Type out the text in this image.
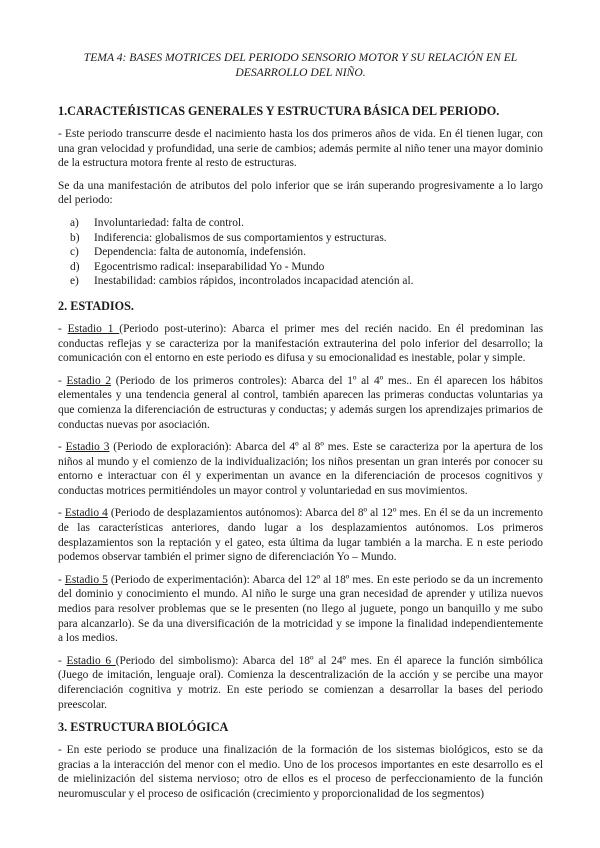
TEMA 4: BASES MOTRICES DEL PERIODO SENSORIO MOTOR Y SU RELACIÓN EN EL DESARROLLO DEL NIÑO.
1.CARACTEŔISTICAS GENERALES Y ESTRUCTURA BÁSICA DEL PERIODO.

- Este periodo transcurre desde el nacimiento hasta los dos primeros años de vida. En él tienen lugar, con una gran velocidad y profundidad, una serie de cambios; además permite al niño tener una mayor dominio de la estructura motora frente al resto de estructuras.

Se da una manifestación de atributos del polo inferior que se irán superando progresivamente a lo largo del periodo:

a) Involuntariedad: falta de control.
b) Indiferencia: globalismos de sus comportamientos y estructuras.
c) Dependencia: falta de autonomía, indefensión.
d) Egocentrismo radical: inseparabilidad Yo - Mundo
e) Inestabilidad: cambios rápidos, incontrolados incapacidad atención al.
2. ESTADIOS.

- Estadio 1 (Periodo post-uterino): Abarca el primer mes del recién nacido. En él predominan las conductas reflejas y se caracteriza por la manifestación extrauterina del polo inferior del desarrollo; la comunicación con el entorno en este periodo es difusa y su emocionalidad es inestable, polar y simple.

- Estadio 2 (Periodo de los primeros controles): Abarca del 1º al 4º mes.. En él aparecen los hábitos elementales y una tendencia general al control, también aparecen las primeras conductas voluntarias ya que comienza la diferenciación de estructuras y conductas; y además surgen los aprendizajes primarios de conductas nuevas por asociación.

- Estadio 3 (Periodo de exploración): Abarca del 4º al 8º mes. Este se caracteriza por la apertura de los niños al mundo y el comienzo de la individualización; los niños presentan un gran interés por conocer su entorno e interactuar con él y experimentan un avance en la diferenciación de procesos cognitivos y conductas motrices permitiéndoles un mayor control y voluntariedad en sus movimientos.

- Estadio 4 (Periodo de desplazamientos autónomos): Abarca del 8º al 12º mes. En él se da un incremento de las características anteriores, dando lugar a los desplazamientos autónomos. Los primeros desplazamientos son la reptación y el gateo, esta última da lugar también a la marcha. E n este periodo podemos observar también el primer signo de diferenciación Yo – Mundo.

- Estadio 5 (Periodo de experimentación): Abarca del 12º al 18º mes. En este periodo se da un incremento del dominio y conocimiento el mundo. Al niño le surge una gran necesidad de aprender y utiliza nuevos medios para resolver problemas que se le presenten (no llego al juguete, pongo un banquillo y me subo para alcanzarlo). Se da una diversificación de la motricidad y se impone la finalidad independientemente a los medios.

- Estadio 6 (Periodo del simbolismo): Abarca del 18º al 24º mes. En él aparece la función simbólica (Juego de imitación, lenguaje oral). Comienza la descentralización de la acción y se percibe una mayor diferenciación cognitiva y motriz. En este periodo se comienzan a desarrollar la bases del periodo preescolar.

3. ESTRUCTURA BIOLÓGICA

- En este periodo se produce una finalización de la formación de los sistemas biológicos, esto se da gracias a la interacción del menor con el medio. Uno de los procesos importantes en este desarrollo es el de mielinización del sistema nervioso; otro de ellos es el proceso de perfeccionamiento de la función neuromuscular y el proceso de osificación (crecimiento y proporcionalidad de los segmentos)
